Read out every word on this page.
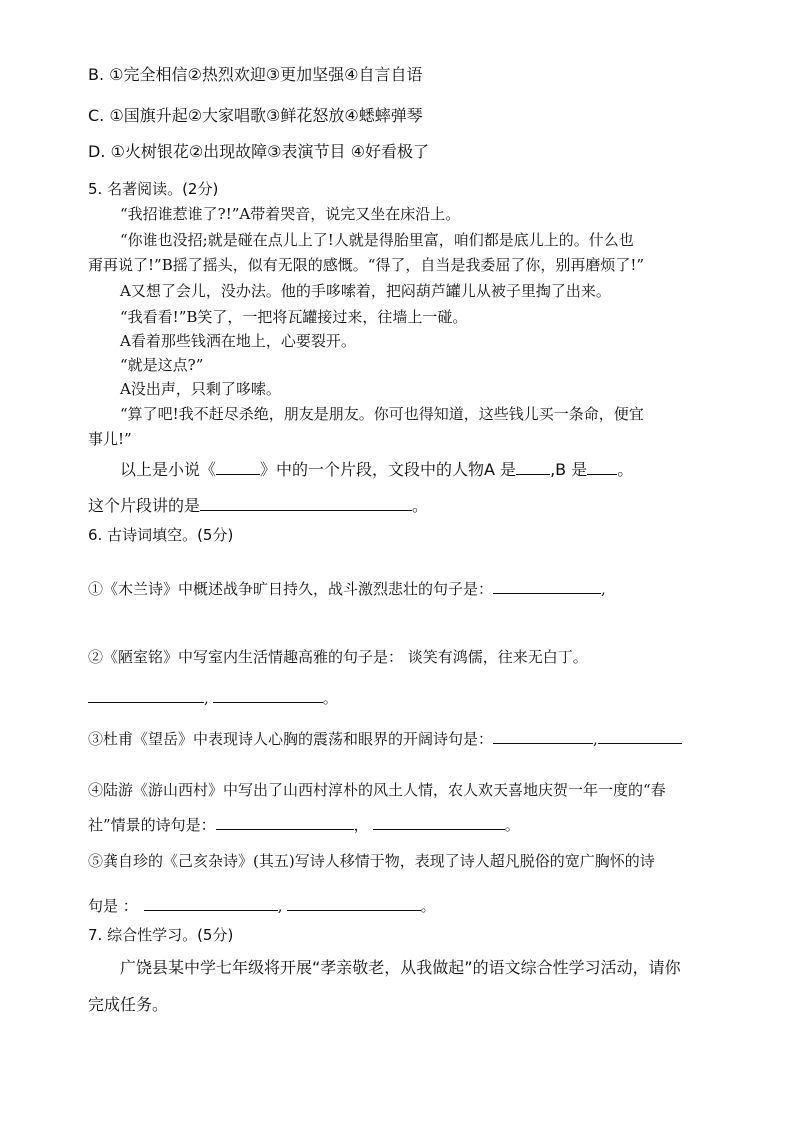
B. ①完全相信②热烈欢迎③更加坚强④自言自语
C. ①国旗升起②大家唱歌③鲜花怒放④蟋蟀弹琴
D. ①火树银花②出现故障③表演节目 ④好看极了
5. 名著阅读。(2分)
“我招谁惹谁了?!”A带着哭音，说完又坐在床沿上。
“你谁也没招;就是碰在点儿上了!人就是得胎里富，咱们都是底儿上的。什么也
甭再说了!”B摇了摇头，似有无限的感慨。“得了，自当是我委屈了你，别再磨烦了!”
A又想了会儿，没办法。他的手哆嗦着，把闷葫芦罐儿从被子里掏了出来。
“我看看!”B笑了，一把将瓦罐接过来，往墙上一碰。
A看着那些钱洒在地上，心要裂开。
“就是这点?”
A没出声，只剩了哆嗦。
“算了吧!我不赶尽杀绝，朋友是朋友。你可也得知道，这些钱儿买一条命，便宜
事儿!”
以上是小说《	》中的一个片段，文段中的人物A 是 ,B 是 。
这个片段讲的是	。
6. 古诗词填空。(5分)
①《木兰诗》中概述战争旷日持久，战斗激烈悲壮的句子是：	,
②《陋室铭》中写室内生活情趣高雅的句子是： 谈笑有鸿儒，往来无白丁。
,	。
③杜甫《望岳》中表现诗人心胸的震荡和眼界的开阔诗句是：	,
④陆游《游山西村》中写出了山西村淳朴的风土人情，农人欢天喜地庆贺一年一度的“春
社”情景的诗句是：	，	。
⑤龚自珍的《己亥杂诗》(其五)写诗人移情于物，表现了诗人超凡脱俗的宽广胸怀的诗
句是 ：	,	。
7. 综合性学习。(5分)
广饶县某中学七年级将开展“孝亲敬老，从我做起”的语文综合性学习活动，请你
完成任务。
